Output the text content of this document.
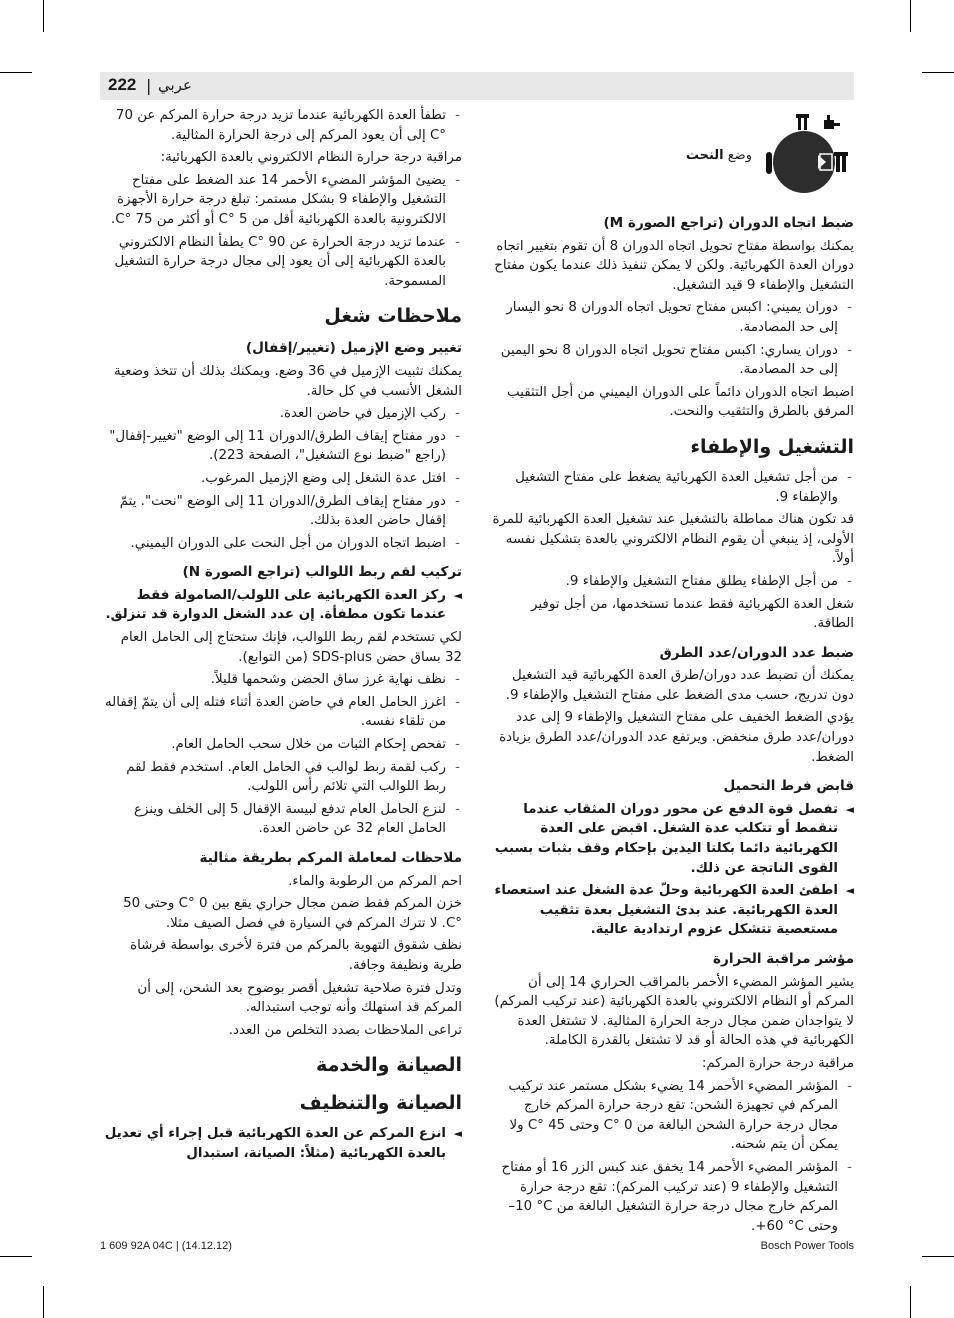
222 | عربي
وضع النحت
ضبط اتجاه الدوران (تراجع الصورة M)

يمكنك بواسطة مفتاح تحويل اتجاه الدوران 8 أن تقوم بتغيير اتجاه دوران العدة الكهربائية. ولكن لا يمكن تنفيذ ذلك عندما يكون مفتاح التشغيل والإطفاء 9 قيد التشغيل.

- دوران يميني: اكبس مفتاح تحويل اتجاه الدوران 8 نحو اليسار إلى حد المصادمة.
- دوران يساري: اكبس مفتاح تحويل اتجاه الدوران 8 نحو اليمين إلى حد المصادمة.

اضبط اتجاه الدوران دائماً على الدوران اليميني من أجل التثقيب المرفق بالطرق والتثقيب والنحت.

التشغيل والإطفاء
- من أجل تشغيل العدة الكهربائية يضغط على مفتاح التشغيل والإطفاء 9.

قد تكون هناك مماطلة بالتشغيل عند تشغيل العدة الكهربائية للمرة الأولى، إذ ينبغي أن يقوم النظام الالكتروني بالعدة بتشكيل نفسه أولاً.

- من أجل الإطفاء يطلق مفتاح التشغيل والإطفاء 9.

شغل العدة الكهربائية فقط عندما تستخدمها، من أجل توفير الطاقة.

ضبط عدد الدوران/عدد الطرق

يمكنك أن تضبط عدد دوران/طرق العدة الكهربائية قيد التشغيل دون تدريج، حسب مدى الضغط على مفتاح التشغيل والإطفاء 9.

يؤدي الضغط الخفيف على مفتاح التشغيل والإطفاء 9 إلى عدد دوران/عدد طرق منخفض. ويرتفع عدد الدوران/عدد الطرق بزيادة الضغط.

قابض فرط التحميل
◄ تفصل قوة الدفع عن محور دوران المثقاب عندما تنقمط أو تتكلب عدة الشغل. اقبض على العدة الكهربائية دائما بكلتا اليدين بإحكام وقف بثبات بسبب القوى الناتجة عن ذلك.
◄ اطفئ العدة الكهربائية وحلّ عدة الشغل عند استعصاء العدة الكهربائية. عند بدئ التشغيل بعدة تثقيب مستعصية تتشكل عزوم ارتدادية عالية.
مؤشر مراقبة الحرارة

يشير المؤشر المضيء الأحمر بالمراقب الحراري 14 إلى أن المركم أو النظام الالكتروني بالعدة الكهربائية (عند تركيب المركم) لا يتواجدان ضمن مجال درجة الحرارة المثالية. لا تشتغل العدة الكهربائية في هذه الحالة أو قد لا تشتغل بالقدرة الكاملة.

مراقبة درجة حرارة المركم:

- المؤشر المضيء الأحمر 14 يضيء بشكل مستمر عند تركيب المركم في تجهيزة الشحن: تقع درجة حرارة المركم خارج مجال درجة حرارة الشحن البالغة من 0 °C وحتى 45 °C ولا يمكن أن يتم شحنه.
- المؤشر المضيء الأحمر 14 يخفق عند كبس الزر 16 أو مفتاح التشغيل والإطفاء 9 (عند تركيب المركم): تقع درجة حرارة المركم خارج مجال درجة حرارة التشغيل البالغة من ‎–10 °C وحتى ‎+60 °C.
- تطفأ العدة الكهربائية عندما تزيد درجة حرارة المركم عن 70 °C إلى أن يعود المركم إلى درجة الحرارة المثالية.

مراقبة درجة حرارة النظام الالكتروني بالعدة الكهربائية:

- يضيئ المؤشر المضيء الأحمر 14 عند الضغط على مفتاح التشغيل والإطفاء 9 بشكل مستمر: تبلغ درجة حرارة الأجهزة الالكترونية بالعدة الكهربائية أقل من 5 °C أو أكثر من 75 °C.
- عندما تزيد درجة الحرارة عن 90 °C يطفأ النظام الالكتروني بالعدة الكهربائية إلى أن يعود إلى مجال درجة حرارة التشغيل المسموحة.
ملاحظات شغل
تغيير وضع الإزميل (تغيير/إقفال)

يمكنك تثبيت الإزميل في 36 وضع. ويمكنك بذلك أن تتخذ وضعية الشغل الأنسب في كل حالة.

- ركب الإزميل في حاضن العدة.
- دور مفتاح إيقاف الطرق/الدوران 11 إلى الوضع "تغيير-إقفال" (راجع "ضبط نوع التشغيل"، الصفحة 223).
- افتل عدة الشغل إلى وضع الإزميل المرغوب.
- دور مفتاح إيقاف الطرق/الدوران 11 إلى الوضع "نحت". يتمّ إقفال حاضن العدة بذلك.
- اضبط اتجاه الدوران من أجل النحت على الدوران اليميني.
تركيب لقم ربط اللوالب (تراجع الصورة N)
◄ ركز العدة الكهربائية على اللولب/الصامولة فقط عندما تكون مطفأة. إن عدد الشغل الدوارة قد تنزلق.

لكي تستخدم لقم ربط اللوالب، فإنك ستحتاج إلى الحامل العام 32 بساق حضن SDS-plus (من التوابع).

- نظف نهاية غرز ساق الحضن وشحمها قليلاً.
- اغرز الحامل العام في حاضن العدة أثناء فتله إلى أن يتمّ إقفاله من تلقاء نفسه.
- تفحص إحكام الثبات من خلال سحب الحامل العام.
- ركب لقمة ربط لوالب في الحامل العام. استخدم فقط لقم ربط اللوالب التي تلائم رأس اللولب.
- لنزع الحامل العام تدفع لبيسة الإقفال 5 إلى الخلف وينزع الحامل العام 32 عن حاضن العدة.
ملاحظات لمعاملة المركم بطريقة مثالية

احم المركم من الرطوبة والماء.

خزن المركم فقط ضمن مجال حراري يقع بين 0 °C وحتى 50 °C. لا تترك المركم في السيارة في فصل الصيف مثلا.

نظف شقوق التهوية بالمركم من فترة لأخرى بواسطة فرشاة طرية ونظيفة وجافة.

وتدل فترة صلاحية تشغيل أقصر بوضوح بعد الشحن، إلى أن المركم قد استهلك وأنه توجب استبداله.

تراعى الملاحظات بصدد التخلص من العدد.

الصيانة والخدمة
الصيانة والتنظيف
◄ انزع المركم عن العدة الكهربائية قبل إجراء أي تعديل بالعدة الكهربائية (مثلاً: الصيانة، استبدال
1 609 92A 04C | (14.12.12)	Bosch Power Tools
